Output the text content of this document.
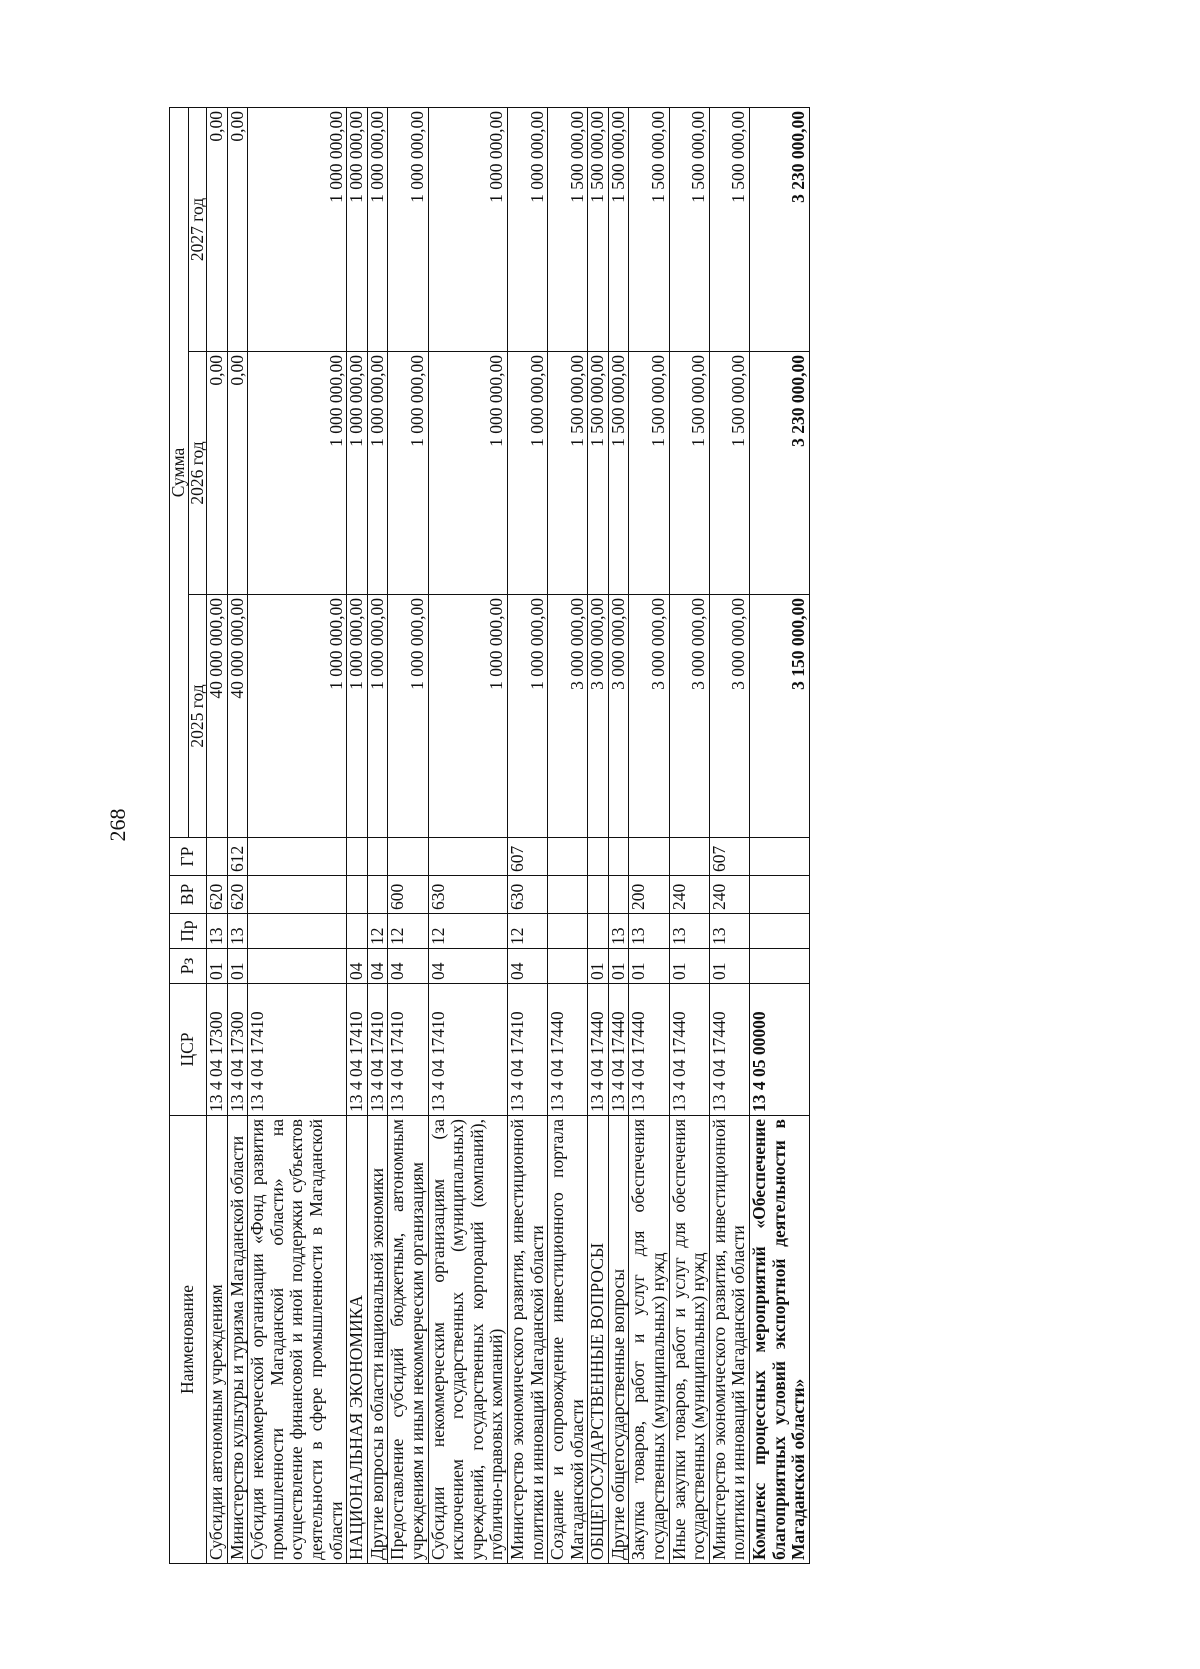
268
Наименование	ЦСР	Рз	Пр	ВР	ГР	Сумма		
						2025 год	2026 год	2027 год
Субсидии автономным учреждениям	13 4 04 17300	01	13	620		40 000 000,00	0,00	0,00
Министерство культуры и туризма Магаданской области	13 4 04 17300	01	13	620	612	40 000 000,00	0,00	0,00
Субсидия некоммерческой организации «Фонд развития промышленности Магаданской области» на осуществление финансовой и иной поддержки субъектов деятельности в сфере промышленности в Магаданской области	13 4 04 17410					1 000 000,00	1 000 000,00	1 000 000,00
НАЦИОНАЛЬНАЯ ЭКОНОМИКА	13 4 04 17410	04				1 000 000,00	1 000 000,00	1 000 000,00
Другие вопросы в области национальной экономики	13 4 04 17410	04	12			1 000 000,00	1 000 000,00	1 000 000,00
Предоставление субсидий бюджетным, автономным учреждениям и иным некоммерческим организациям	13 4 04 17410	04	12	600		1 000 000,00	1 000 000,00	1 000 000,00
Субсидии некоммерческим организациям (за исключением государственных (муниципальных) учреждений, государственных корпораций (компаний), публично-правовых компаний)	13 4 04 17410	04	12	630		1 000 000,00	1 000 000,00	1 000 000,00
Министерство экономического развития, инвестиционной политики и инноваций Магаданской области	13 4 04 17410	04	12	630	607	1 000 000,00	1 000 000,00	1 000 000,00
Создание и сопровождение инвестиционного портала Магаданской области	13 4 04 17440					3 000 000,00	1 500 000,00	1 500 000,00
ОБЩЕГОСУДАРСТВЕННЫЕ ВОПРОСЫ	13 4 04 17440	01				3 000 000,00	1 500 000,00	1 500 000,00
Другие общегосударственные вопросы	13 4 04 17440	01	13			3 000 000,00	1 500 000,00	1 500 000,00
Закупка товаров, работ и услуг для обеспечения государственных (муниципальных) нужд	13 4 04 17440	01	13	200		3 000 000,00	1 500 000,00	1 500 000,00
Иные закупки товаров, работ и услуг для обеспечения государственных (муниципальных) нужд	13 4 04 17440	01	13	240		3 000 000,00	1 500 000,00	1 500 000,00
Министерство экономического развития, инвестиционной политики и инноваций Магаданской области	13 4 04 17440	01	13	240	607	3 000 000,00	1 500 000,00	1 500 000,00
Комплекс процессных мероприятий «Обеспечение благоприятных условий экспортной деятельности в Магаданской области»	13 4 05 00000					3 150 000,00	3 230 000,00	3 230 000,00
